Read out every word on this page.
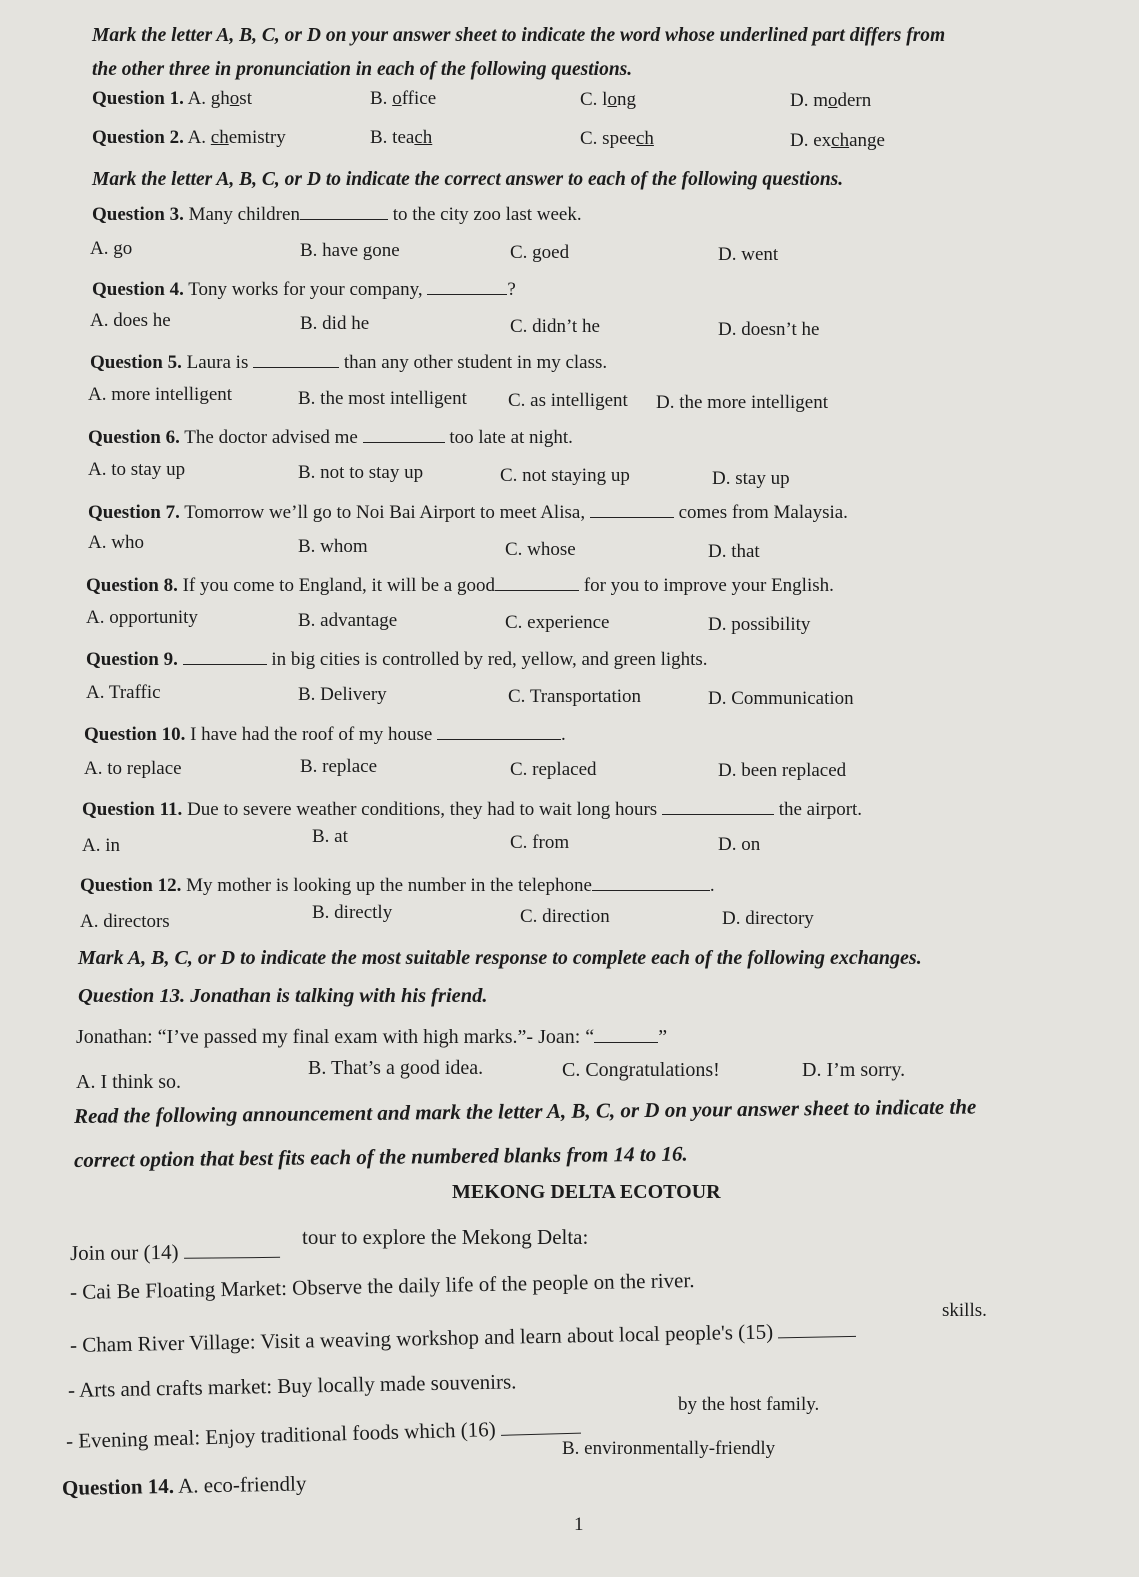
Mark the letter A, B, C, or D on your answer sheet to indicate the word whose underlined part differs from
the other three in pronunciation in each of the following questions.
Question 1. A. ghost	B. office	C. long	D. modern
Question 2. A. chemistry	B. teach	C. speech	D. exchange
Mark the letter A, B, C, or D to indicate the correct answer to each of the following questions.
Question 3. Many children	to the city zoo last week.
A. go	B. have gone	C. goed	D. went
Question 4. Tony works for your company,	?
A. does he	B. did he	C. didn’t he	D. doesn’t he
Question 5. Laura is	than any other student in my class.
A. more intelligent	B. the most intelligent C. as intelligent D. the more intelligent
Question 6. The doctor advised me	too late at night.
A. to stay up	B. not to stay up	C. not staying up	D. stay up
Question 7. Tomorrow we’ll go to Noi Bai Airport to meet Alisa,	comes from Malaysia.
A. who	B. whom	C. whose	D. that
Question 8. If you come to England, it will be a good	for you to improve your English.
A. opportunity	B. advantage	C. experience	D. possibility
Question 9.	in big cities is controlled by red, yellow, and green lights.
A. Traffic	B. Delivery	C. Transportation	D. Communication
Question 10. I have had the roof of my house	.
A. to replace	B. replace	C. replaced	D. been replaced
Question 11. Due to severe weather conditions, they had to wait long hours	the airport.
A. in	B. at	C. from	D. on
Question 12. My mother is looking up the number in the telephone	.
A. directors	B. directly	C. direction	D. directory
Mark A, B, C, or D to indicate the most suitable response to complete each of the following exchanges.
Question 13. Jonathan is talking with his friend.
Jonathan: “I’ve passed my final exam with high marks.”- Joan: “	”
A. I think so.
B. That’s a good idea.	C. Congratulations!	D. I’m sorry.
Read the following announcement and mark the letter A, B, C, or D on your answer sheet to indicate the
correct option that best fits each of the numbered blanks from 14 to 16.
MEKONG DELTA ECOTOUR
Join our (14)
tour to explore the Mekong Delta:
- Cai Be Floating Market: Observe the daily life of the people on the river.
- Cham River Village: Visit a weaving workshop and learn about local people's (15)
skills.
- Arts and crafts market: Buy locally made souvenirs.
- Evening meal: Enjoy traditional foods which (16)
by the host family.
Question 14. A. eco-friendly
B. environmentally-friendly
1
